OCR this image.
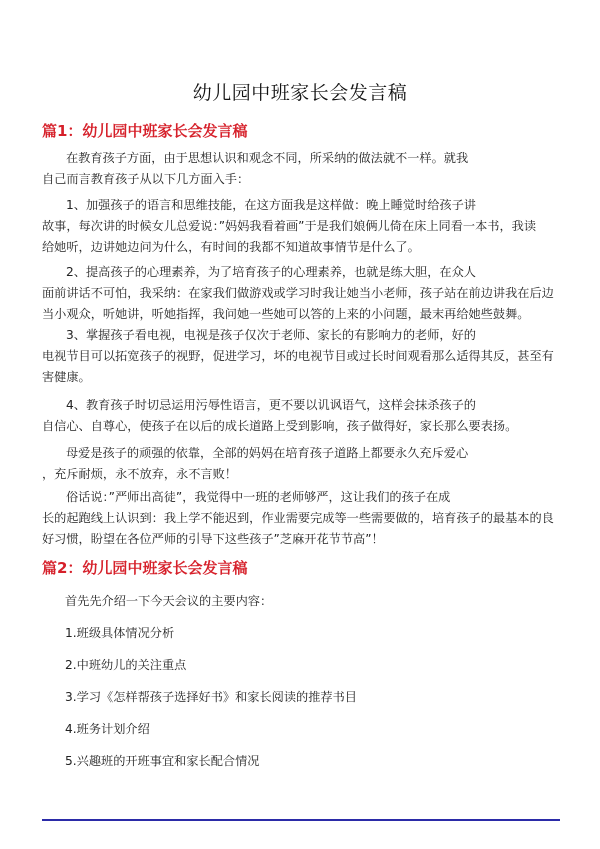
幼儿园中班家长会发言稿
篇1：幼儿园中班家长会发言稿
在教育孩子方面，由于思想认识和观念不同，所采纳的做法就不一样。就我
自己而言教育孩子从以下几方面入手：
1、加强孩子的语言和思维技能，在这方面我是这样做：晚上睡觉时给孩子讲
故事，每次讲的时候女儿总爱说：”妈妈我看着画”于是我们娘俩儿倚在床上同看一本书，我读
给她听，边讲她边问为什么，有时间的我都不知道故事情节是什么了。
2、提高孩子的心理素养，为了培育孩子的心理素养，也就是练大胆，在众人
面前讲话不可怕，我采纳：在家我们做游戏或学习时我让她当小老师，孩子站在前边讲我在后边
当小观众，听她讲，听她指挥，我问她一些她可以答的上来的小问题，最末再给她些鼓舞。
3、掌握孩子看电视，电视是孩子仅次于老师、家长的有影响力的老师，好的
电视节目可以拓宽孩子的视野，促进学习，坏的电视节目或过长时间观看那么适得其反，甚至有
害健康。
4、教育孩子时切忌运用污辱性语言，更不要以讥讽语气，这样会抹杀孩子的
自信心、自尊心，使孩子在以后的成长道路上受到影响，孩子做得好，家长那么要表扬。
母爱是孩子的顽强的依靠，全部的妈妈在培育孩子道路上都要永久充斥爱心
，充斥耐烦，永不放弃，永不言败！
俗话说：”严师出高徒”，我觉得中一班的老师够严，这让我们的孩子在成
长的起跑线上认识到：我上学不能迟到，作业需要完成等一些需要做的，培育孩子的最基本的良
好习惯，盼望在各位严师的引导下这些孩子”芝麻开花节节高”！
篇2：幼儿园中班家长会发言稿
首先先介绍一下今天会议的主要内容：
1.班级具体情况分析
2.中班幼儿的关注重点
3.学习《怎样帮孩子选择好书》和家长阅读的推荐书目
4.班务计划介绍
5.兴趣班的开班事宜和家长配合情况
